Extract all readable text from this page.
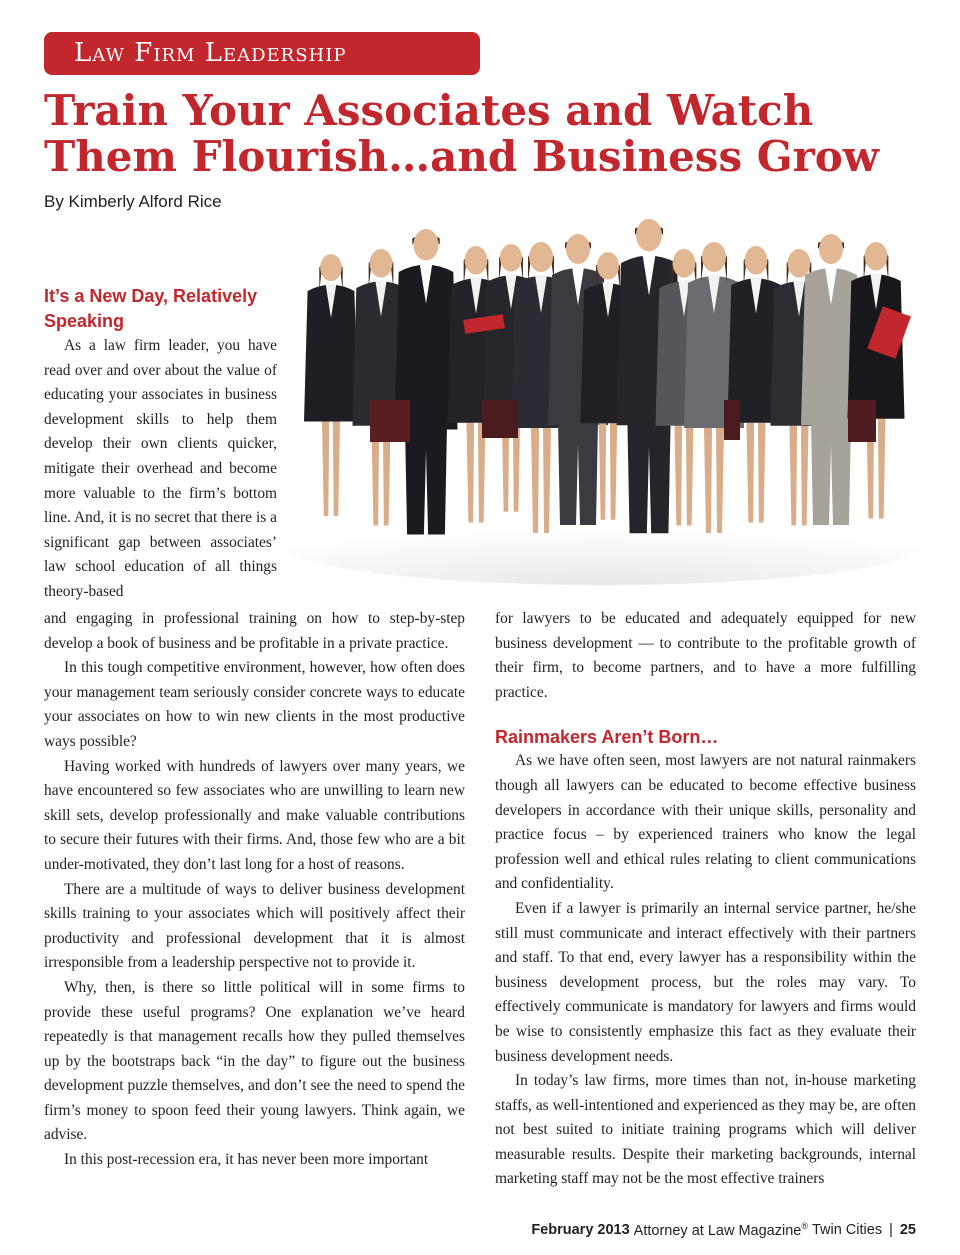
Law Firm Leadership
Train Your Associates and Watch Them Flourish…and Business Grow
By Kimberly Alford Rice
It’s a New Day, Relatively Speaking

As a law firm leader, you have read over and over about the value of educating your associates in business development skills to help them develop their own clients quicker, mitigate their overhead and become more valuable to the firm’s bottom line. And, it is no secret that there is a significant gap between associates’ law school education of all things theory-based

and engaging in professional training on how to step-by-step develop a book of business and be profitable in a private practice.

In this tough competitive environment, however, how often does your management team seriously consider concrete ways to educate your associates on how to win new clients in the most productive ways possible?

Having worked with hundreds of lawyers over many years, we have encountered so few associates who are unwilling to learn new skill sets, develop professionally and make valuable contributions to secure their futures with their firms. And, those few who are a bit under-motivated, they don’t last long for a host of reasons.

There are a multitude of ways to deliver business development skills training to your associates which will positively affect their productivity and professional development that it is almost irresponsible from a leadership perspective not to provide it.

Why, then, is there so little political will in some firms to provide these useful programs? One explanation we’ve heard repeatedly is that management recalls how they pulled themselves up by the bootstraps back “in the day” to figure out the business development puzzle themselves, and don’t see the need to spend the firm’s money to spoon feed their young lawyers. Think again, we advise.

In this post-recession era, it has never been more important

for lawyers to be educated and adequately equipped for new business development — to contribute to the profitable growth of their firm, to become partners, and to have a more fulfilling practice.

Rainmakers Aren’t Born…

As we have often seen, most lawyers are not natural rainmakers though all lawyers can be educated to become effective business developers in accordance with their unique skills, personality and practice focus – by experienced trainers who know the legal profession well and ethical rules relating to client communications and confidentiality.

Even if a lawyer is primarily an internal service partner, he/she still must communicate and interact effectively with their partners and staff. To that end, every lawyer has a responsibility within the business development process, but the roles may vary. To effectively communicate is mandatory for lawyers and firms would be wise to consistently emphasize this fact as they evaluate their business development needs.

In today’s law firms, more times than not, in-house marketing staffs, as well-intentioned and experienced as they may be, are often not best suited to initiate training programs which will deliver measurable results. Despite their marketing backgrounds, internal marketing staff may not be the most effective trainers

February 2013 Attorney at Law Magazine® Twin Cities | 25
